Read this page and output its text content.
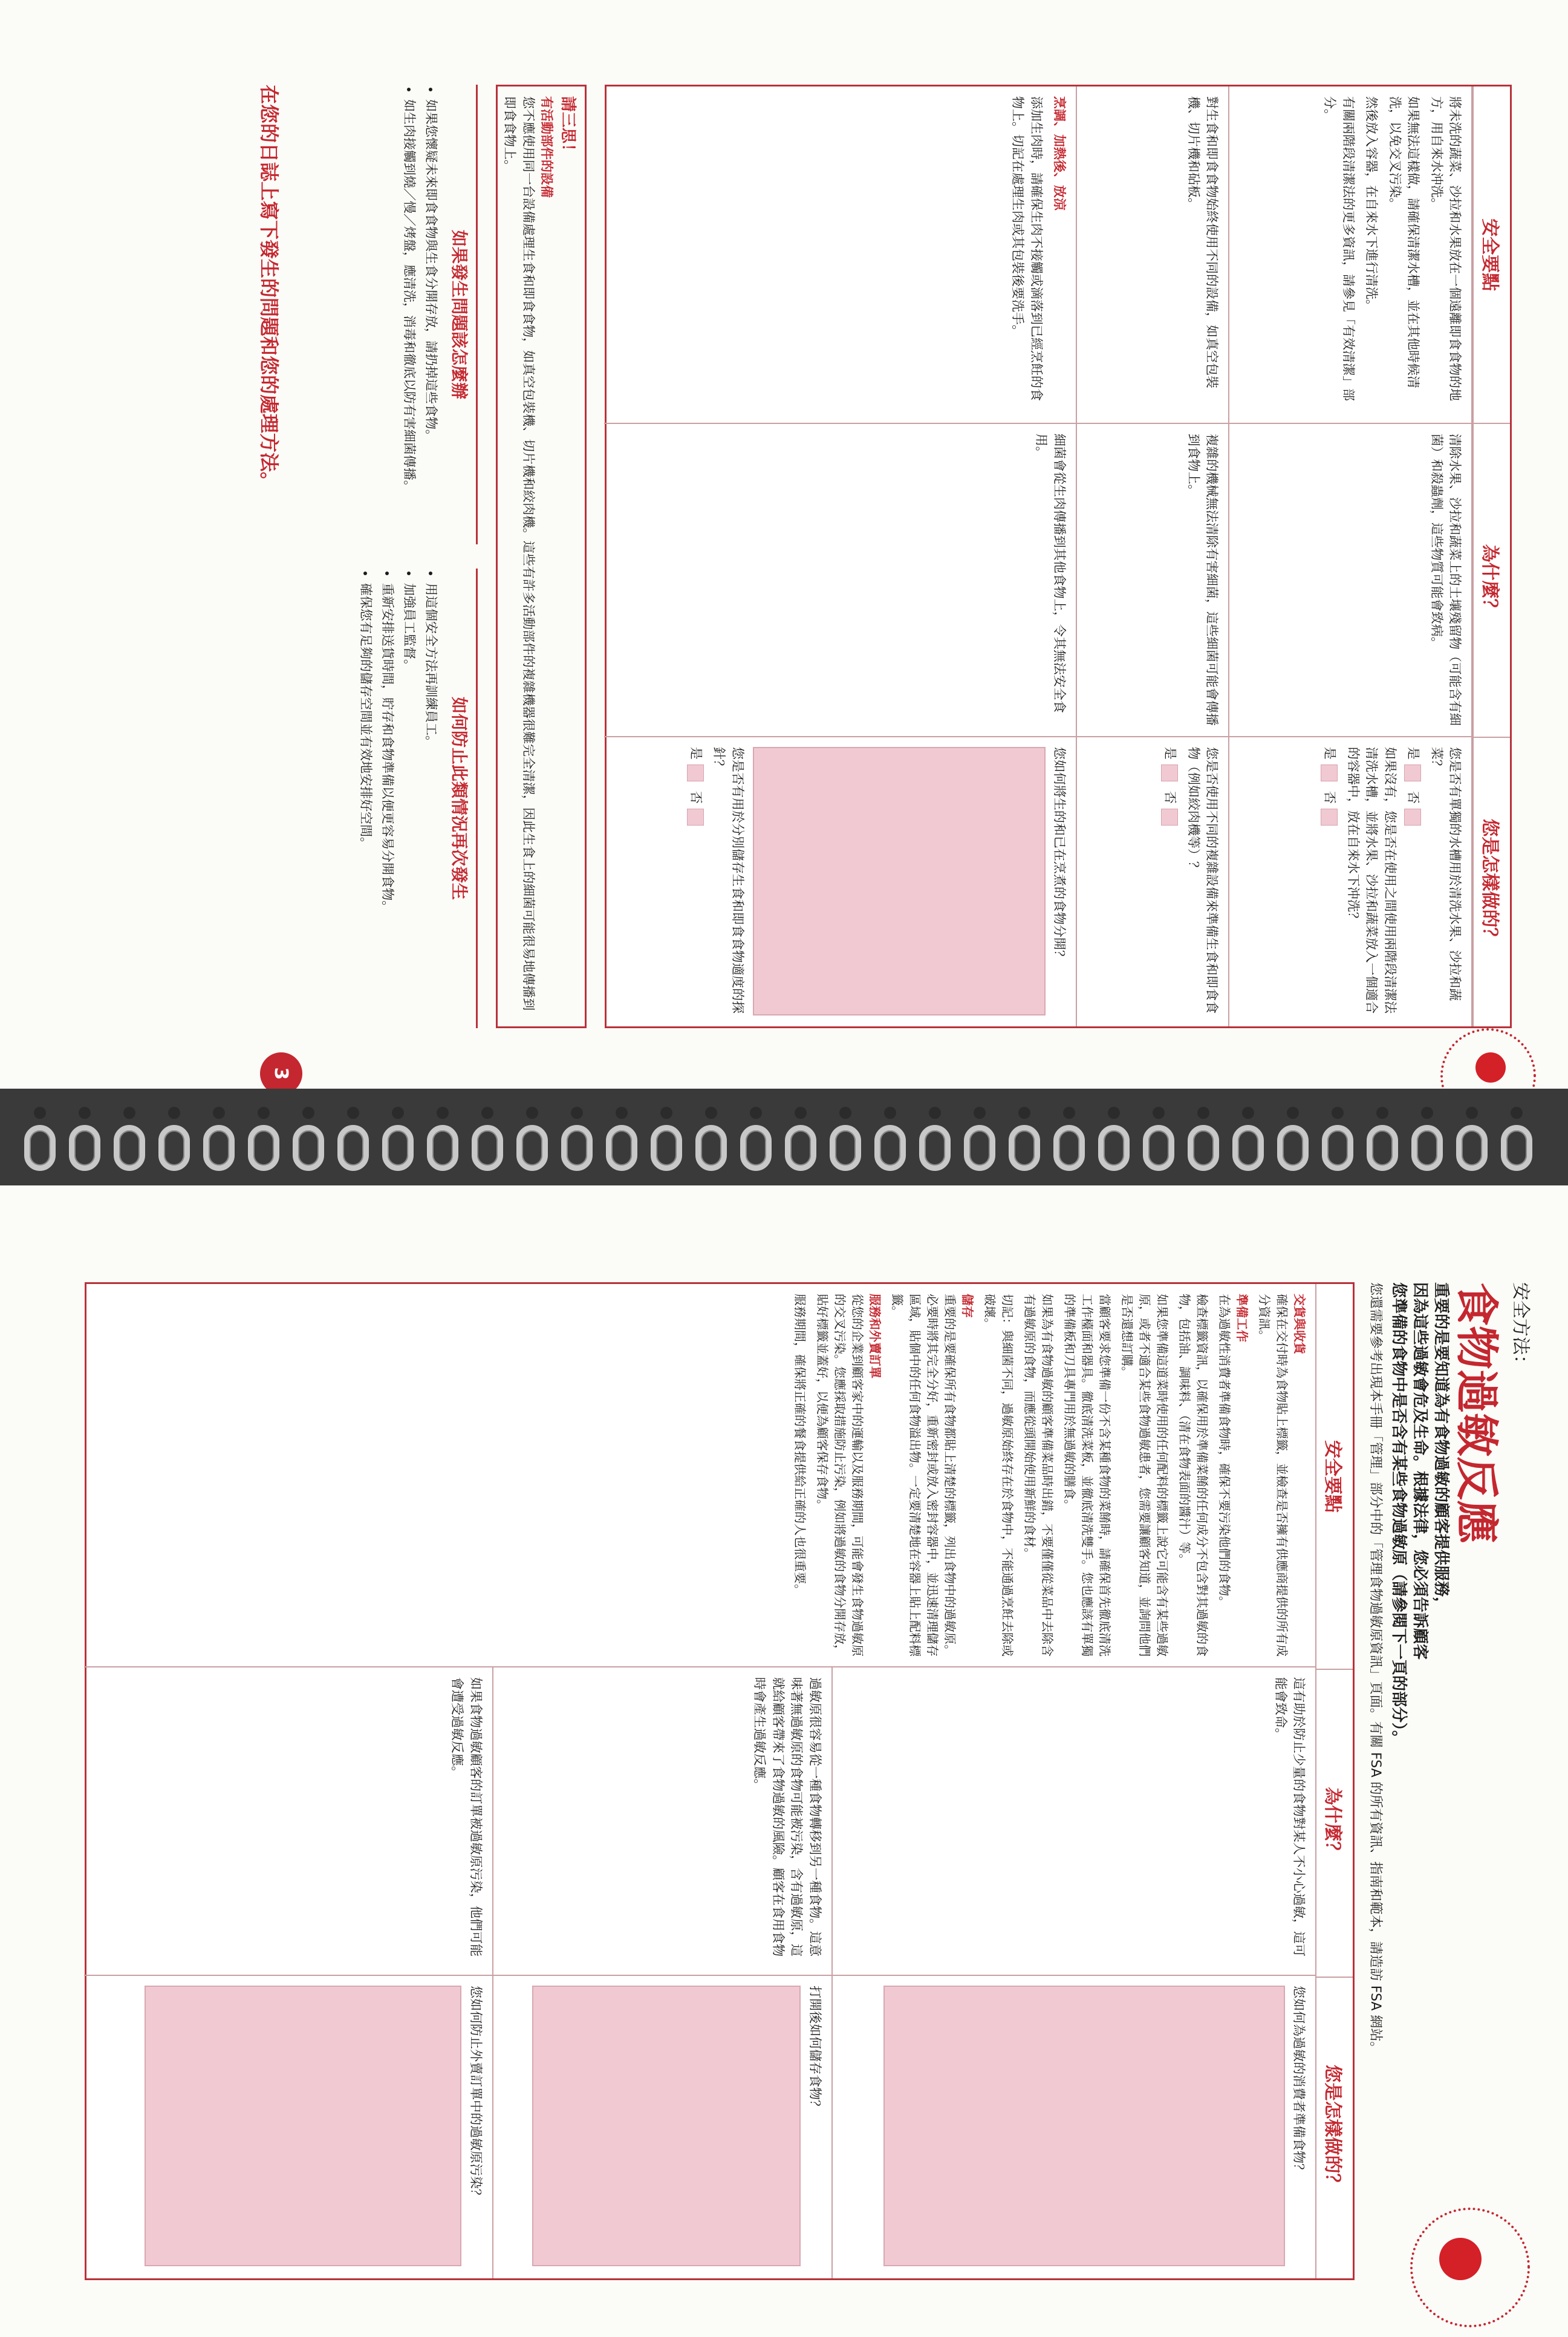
安全要點
為什麼？
您是怎樣做的？

將未洗的蔬菜、沙拉和水果放在一個遠離即食食物的地方，用自來水沖洗。

如果無法這樣做，請確保清潔水槽，並在其他時候清洗，以免交叉污染。

然後放入容器，在自來水下進行清洗。

有關兩階段清潔法的更多資訊，請參見「有效清潔」部分。

清除水果、沙拉和蔬菜上的土壤殘留物（可能含有細菌）和殺蟲劑，這些物質可能會致病。

您是否有單獨的水槽用於清洗水果、沙拉和蔬菜？

是否

如果沒有，您是否在使用之間使用兩階段清潔法清洗水槽，並將水果、沙拉和蔬菜放入一個適合的容器中，放在自來水下沖洗？

是否

對生食和即食食物始終使用不同的設備，如真空包裝機、切片機和砧板。
複雜的機械無法清除有害細菌，這些細菌可能會傳播到食物上。

您是否使用不同的複雜設備來準備生食和即食食物（例如絞肉機等）？

是否

烹調、加熱後、放涼

添加生肉時，請確保生肉不接觸或滴落到已經烹飪的食物上。切記在處理生肉或其包裝後要洗手。

細菌會從生肉傳播到其他食物上，令其無法安全食用。

您如何將生的和已在烹煮的食物分開？

您是否有用於分別儲存生食和即食食物適度的探針？

是否

請三思！
有活動部件的設備
您不應使用同一台設備處理生食和即食食物，如真空包裝機、切片機和絞肉機。這些有許多活動部件的複雜機器很難完全清潔，因此生食上的細菌可能很易地傳播到即食食物上。
如果發生問題該怎麼辦
• 如果您懷疑未來即食食物與生食分開存放，請扔掉這些食物。
• 如生肉接觸到燒／慢／烤盤，應清洗，消毒和徹底以防有害細菌傳播。
如何防止此類情況再次發生
• 用這個安全方法再訓練員工。
• 加強員工監督。
• 重新安排送貨時間，貯存和食物準備以便更容易分開食物。
• 確保您有足夠的儲存空間並有效地安排好空間。
在您的日誌上寫下發生的問題和您的處理方法。
3
安全方法：
食物過敏反應
重要的是要知道為有食物過敏的顧客提供服務，
因為這些過敏會危及生命。根據法律，您必須告訴顧客
您準備的食物中是否含有某些食物過敏原（請參閱下一頁的部分）。
您還需要參考出現本手冊「管理」部分中的「管理食物過敏原資訊」頁面。有關 FSA 的所有資訊、指南和範本，請造訪 FSA 網站。
安全要點
為什麼？
您是怎樣做的？

交貨與收貨
確保在交付時為食物貼上標籤，並檢查是否擁有供應商提供的所有成分資訊。

準備工作
在為過敏性消費者準備食物時，確保不要污染他們的食物。

檢查標籤資訊，以確保用於準備菜餚的任何成分不包含對其過敏的食物，包括油、調味料、（清在食物表面的醬汁）等。

如果您準備這道菜時使用的任何配料的標籤上說它可能含有某些過敏原，或者不適合某些食物過敏患者，您需要讓顧客知道，並詢問他們是否還想訂購。

當顧客要求您準備一份不含某種食物的菜餚時，請確保首先徹底清洗工作檯面和器具。徹底清洗菜板，並徹底清洗雙手。您也應該有單獨的準備板和刀具專門用於無過敏的膳食。

如果為有食物過敏的顧客準備菜品時出錯，不要僅僅從菜品中去除含有過敏原的食物，而應從頭開始使用新鮮的食材。

切記：與細菌不同，過敏原始終存在於食物中，不能通過烹飪去除或破壞。

儲存
重要的是要確保所有食物都貼上清楚的標籤，列出食物中的過敏原。必要時將其完全分好，重新密封或放入密封容器中，並迅速清理儲存區域，貼個中的任何食物溢出物。一定要清楚地在容器上貼上配料標籤。

服務和外賣訂單
從您的企業到顧客家中的運輸以及服務期間，可能會發生食物過敏原的交叉污染。您應採取措施防止污染，例如將過敏的食物分開存放，貼好標籤並蓋好，以便為顧客保存食物。

服務期間，確保將正確的餐食提供給正確的人也很重要。

這有助於防止少量的食物對某人不小心過敏，這可能會致命。

您如何為過敏的消費者準備食物？

過敏原很容易從一種食物轉移到另一種食物。這意味著無過敏原的食物可能被污染，含有過敏原，這就給顧客帶來了食物過敏的風險。顧客在食用食物時會產生過敏反應。

打開後如何儲存食物？

如果食物過敏顧客的訂單被過敏原污染，他們可能會遭受過敏反應。

您如何防止外賣訂單中的過敏原污染？
